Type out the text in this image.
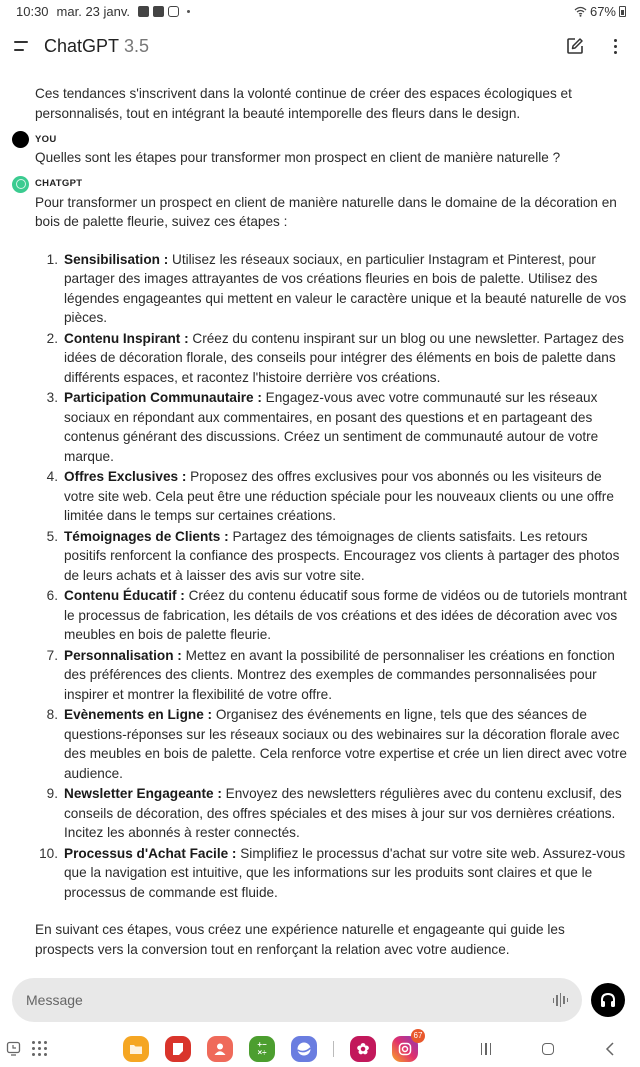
10:30 mar. 23 janv.	67%
ChatGPT 3.5

Ces tendances s'inscrivent dans la volonté continue de créer des espaces écologiques et personnalisés, tout en intégrant la beauté intemporelle des fleurs dans le design.

YOU

Quelles sont les étapes pour transformer mon prospect en client de manière naturelle ?

CHATGPT

Pour transformer un prospect en client de manière naturelle dans le domaine de la décoration en bois de palette fleurie, suivez ces étapes :

1. Sensibilisation : Utilisez les réseaux sociaux, en particulier Instagram et Pinterest, pour partager des images attrayantes de vos créations fleuries en bois de palette. Utilisez des légendes engageantes qui mettent en valeur le caractère unique et la beauté naturelle de vos pièces.
2. Contenu Inspirant : Créez du contenu inspirant sur un blog ou une newsletter. Partagez des idées de décoration florale, des conseils pour intégrer des éléments en bois de palette dans différents espaces, et racontez l'histoire derrière vos créations.
3. Participation Communautaire : Engagez-vous avec votre communauté sur les réseaux sociaux en répondant aux commentaires, en posant des questions et en partageant des contenus générant des discussions. Créez un sentiment de communauté autour de votre marque.
4. Offres Exclusives : Proposez des offres exclusives pour vos abonnés ou les visiteurs de votre site web. Cela peut être une réduction spéciale pour les nouveaux clients ou une offre limitée dans le temps sur certaines créations.
5. Témoignages de Clients : Partagez des témoignages de clients satisfaits. Les retours positifs renforcent la confiance des prospects. Encouragez vos clients à partager des photos de leurs achats et à laisser des avis sur votre site.
6. Contenu Éducatif : Créez du contenu éducatif sous forme de vidéos ou de tutoriels montrant le processus de fabrication, les détails de vos créations et des idées de décoration avec vos meubles en bois de palette fleurie.
7. Personnalisation : Mettez en avant la possibilité de personnaliser les créations en fonction des préférences des clients. Montrez des exemples de commandes personnalisées pour inspirer et montrer la flexibilité de votre offre.
8. Evènements en Ligne : Organisez des événements en ligne, tels que des séances de questions-réponses sur les réseaux sociaux ou des webinaires sur la décoration florale avec des meubles en bois de palette. Cela renforce votre expertise et crée un lien direct avec votre audience.
9. Newsletter Engageante : Envoyez des newsletters régulières avec du contenu exclusif, des conseils de décoration, des offres spéciales et des mises à jour sur vos dernières créations. Incitez les abonnés à rester connectés.
10. Processus d'Achat Facile : Simplifiez le processus d'achat sur votre site web. Assurez-vous que la navigation est intuitive, que les informations sur les produits sont claires et que le processus de commande est fluide.

En suivant ces étapes, vous créez une expérience naturelle et engageante qui guide les prospects vers la conversion tout en renforçant la relation avec votre audience.

Message
+−
×÷	✿
67
